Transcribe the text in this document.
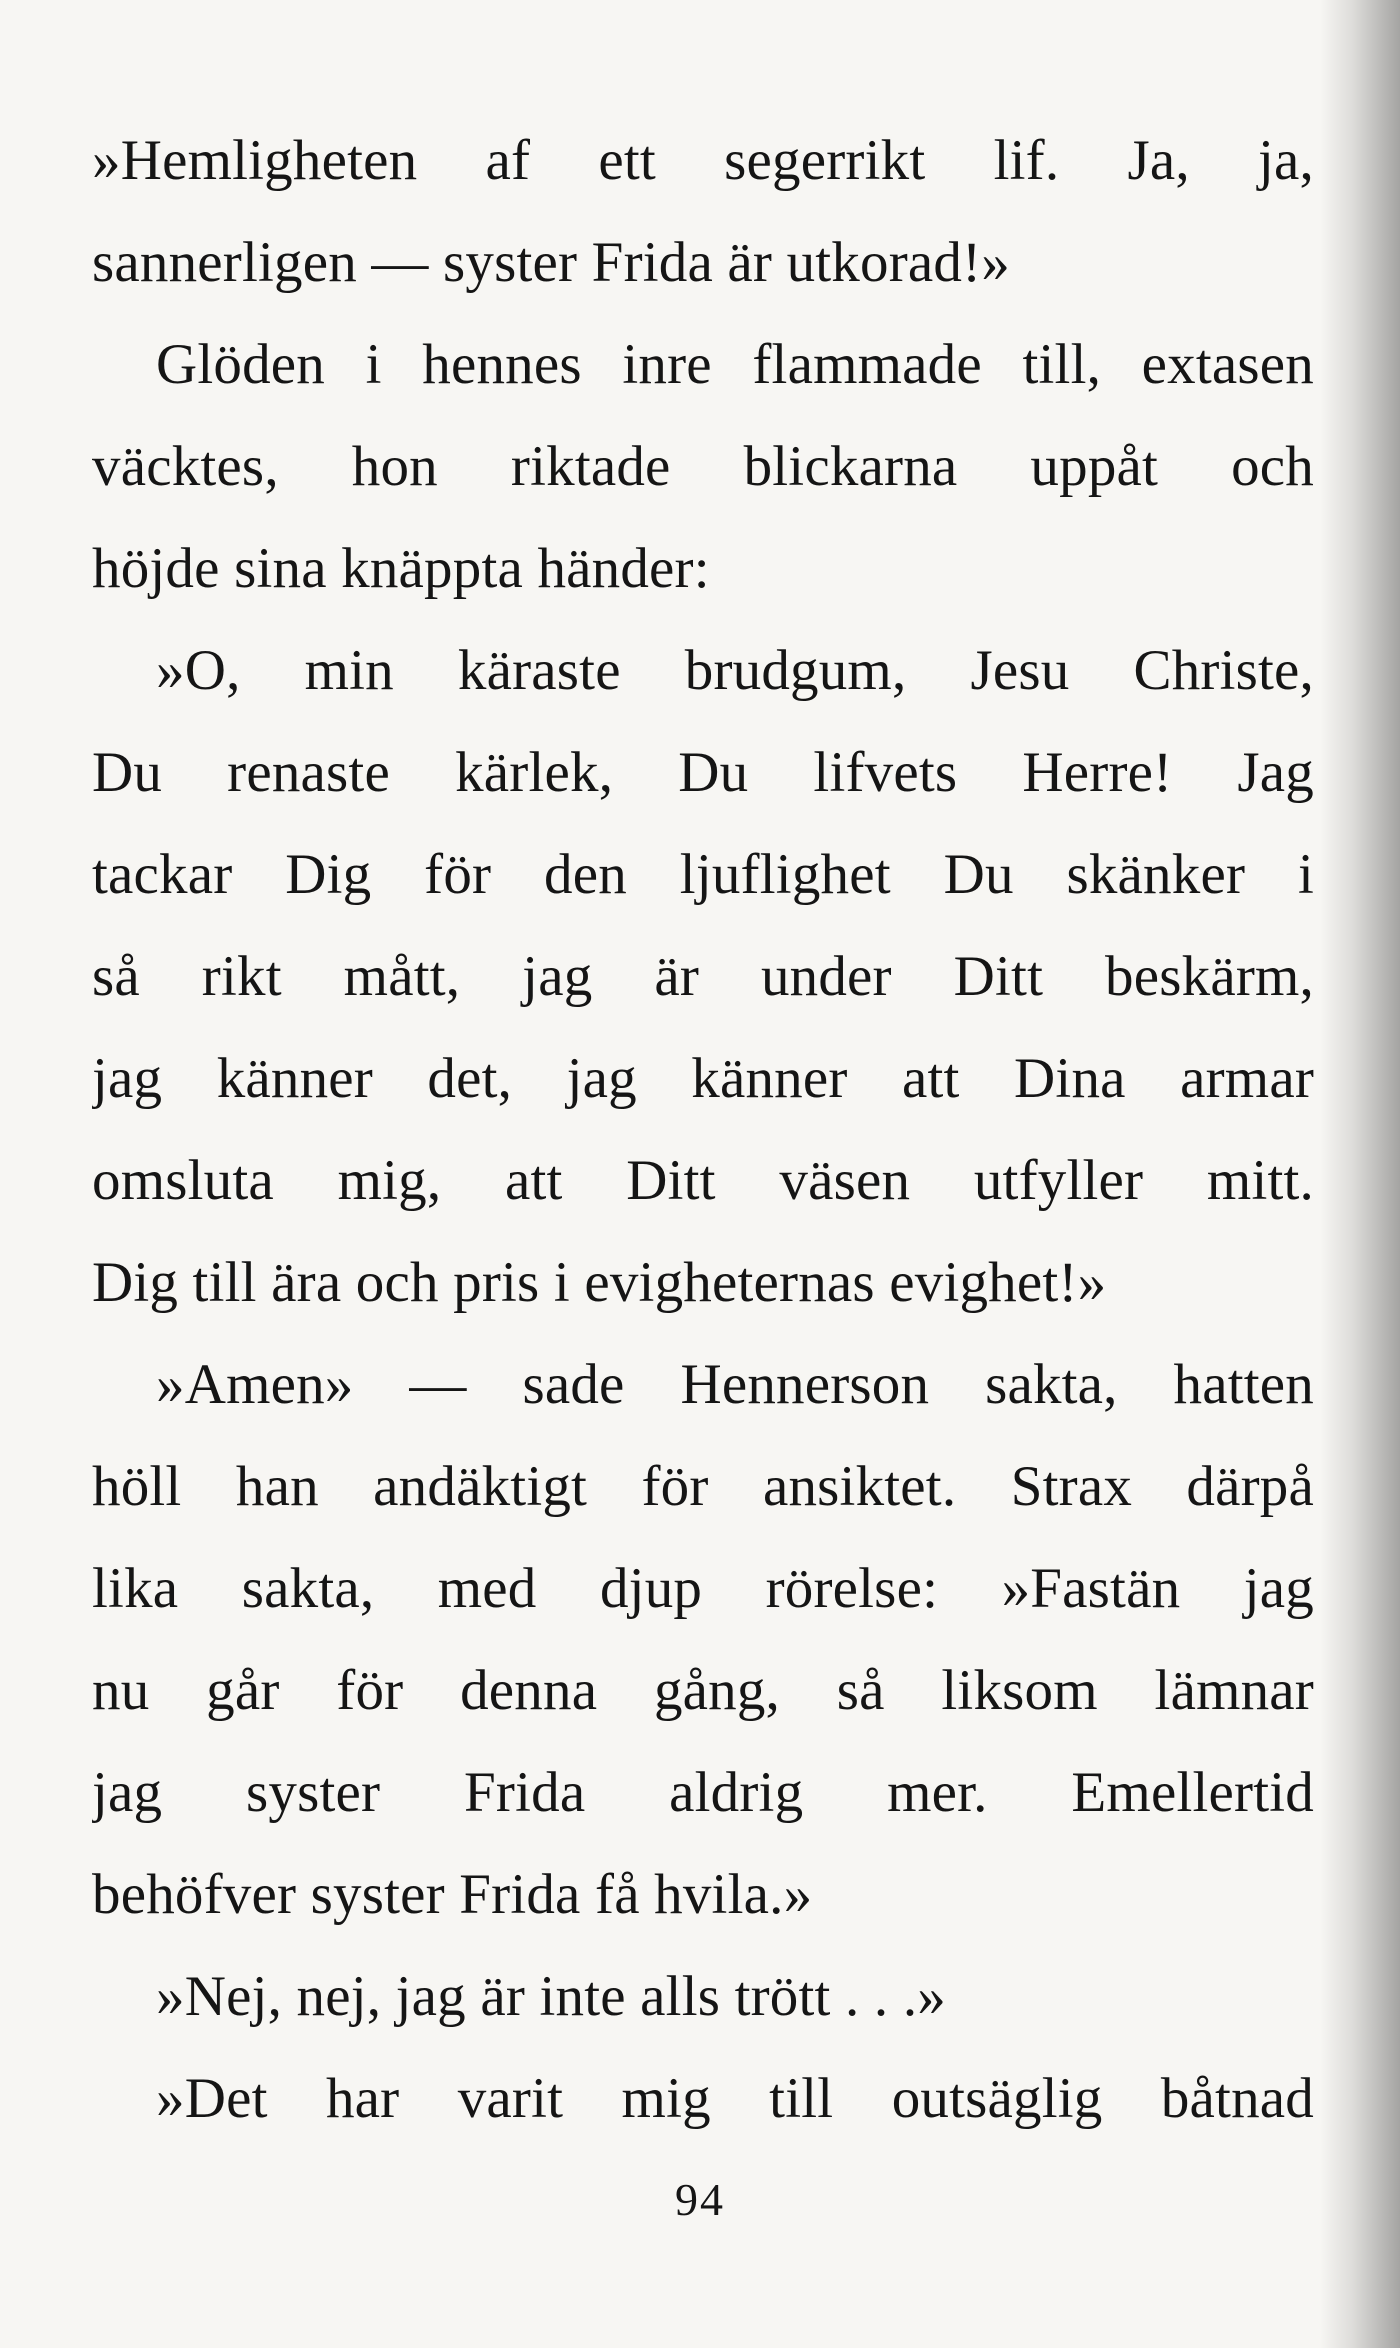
»Hemligheten af ett segerrikt lif. Ja, ja,
sannerligen — syster Frida är utkorad!»
Glöden i hennes inre flammade till, extasen
väcktes, hon riktade blickarna uppåt och
höjde sina knäppta händer:
»O, min käraste brudgum, Jesu Christe,
Du renaste kärlek, Du lifvets Herre! Jag
tackar Dig för den ljuflighet Du skänker i
så rikt mått, jag är under Ditt beskärm,
jag känner det, jag känner att Dina armar
omsluta mig, att Ditt väsen utfyller mitt.
Dig till ära och pris i evigheternas evighet!»
»Amen» — sade Hennerson sakta, hatten
höll han andäktigt för ansiktet. Strax därpå
lika sakta, med djup rörelse: »Fastän jag
nu går för denna gång, så liksom lämnar
jag syster Frida aldrig mer. Emellertid
behöfver syster Frida få hvila.»
»Nej, nej, jag är inte alls trött . . .»
»Det har varit mig till outsäglig båtnad
94
